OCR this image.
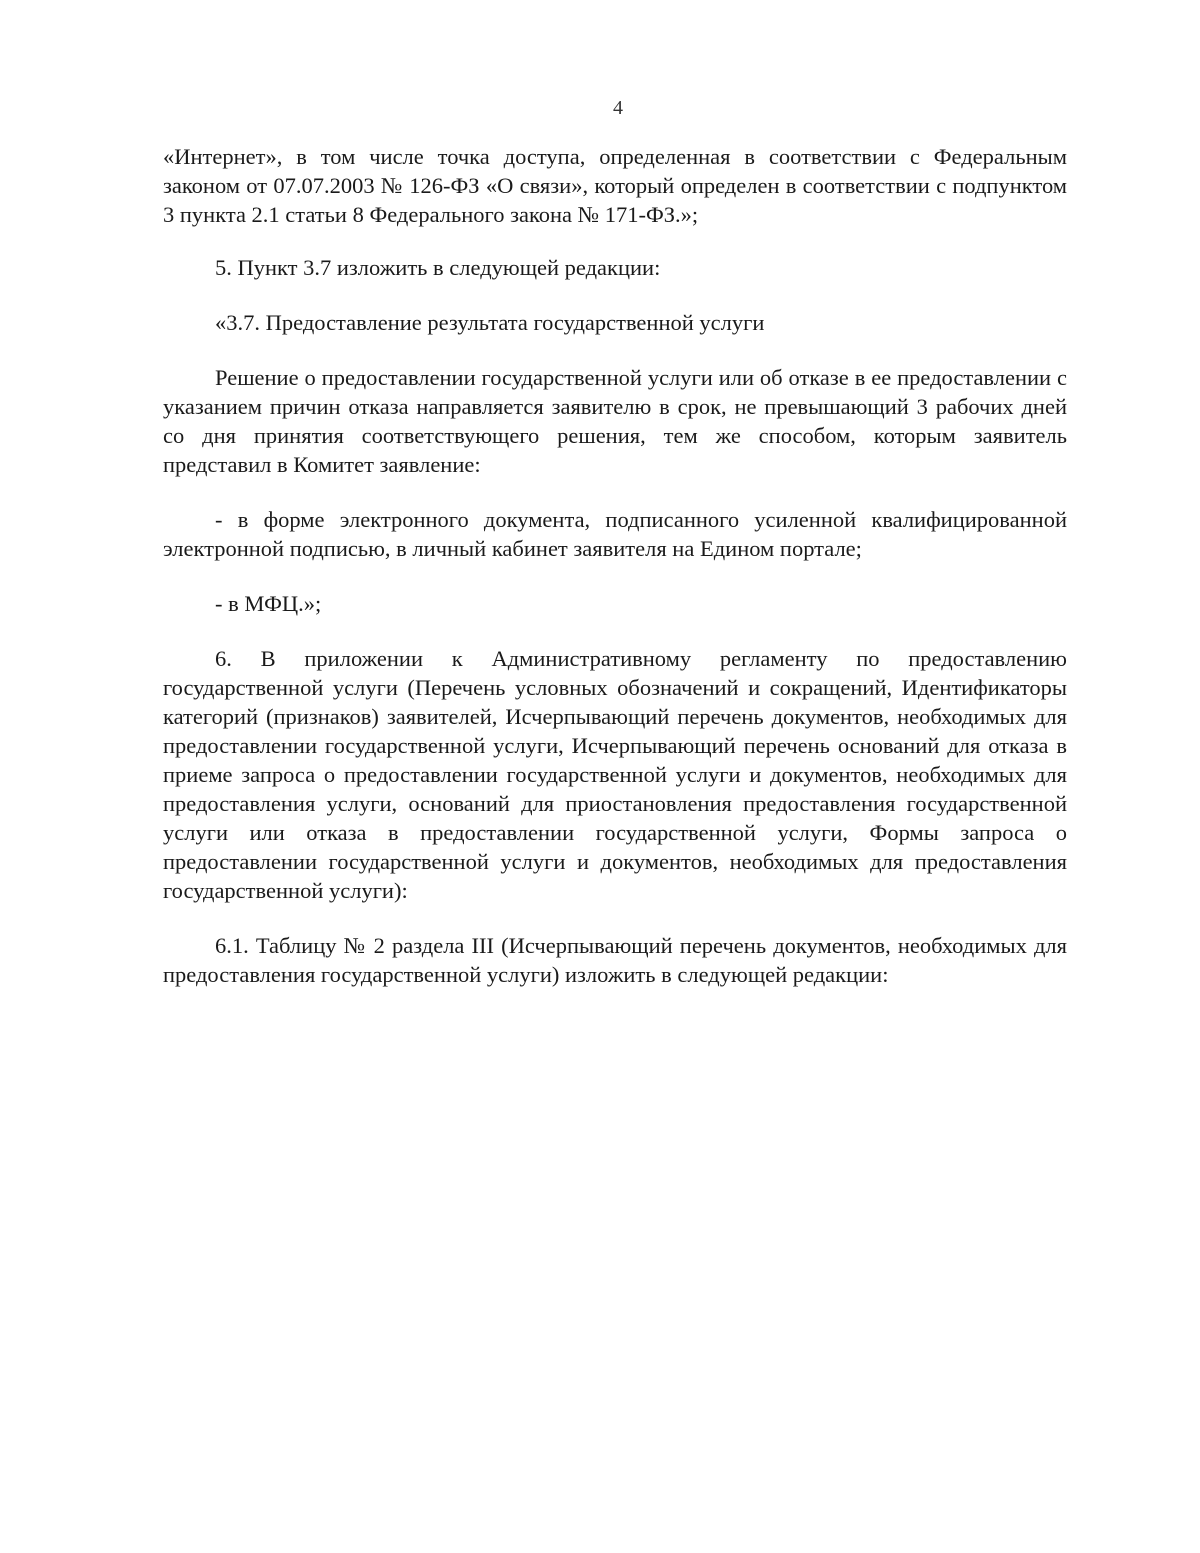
4

«Интернет», в том числе точка доступа, определенная в соответствии с Федеральным законом от 07.07.2003 № 126-ФЗ «О связи», который определен в соответствии с подпунктом 3 пункта 2.1 статьи 8 Федерального закона № 171-ФЗ.»;

5. Пункт 3.7 изложить в следующей редакции:

«3.7. Предоставление результата государственной услуги

Решение о предоставлении государственной услуги или об отказе в ее предоставлении с указанием причин отказа направляется заявителю в срок, не превышающий 3 рабочих дней со дня принятия соответствующего решения, тем же способом, которым заявитель представил в Комитет заявление:

- в форме электронного документа, подписанного усиленной квалифицированной электронной подписью, в личный кабинет заявителя на Едином портале;

- в МФЦ.»;

6. В приложении к Административному регламенту по предоставлению государственной услуги (Перечень условных обозначений и сокращений, Идентификаторы категорий (признаков) заявителей, Исчерпывающий перечень документов, необходимых для предоставлении государственной услуги, Исчерпывающий перечень оснований для отказа в приеме запроса о предоставлении государственной услуги и документов, необходимых для предоставления услуги, оснований для приостановления предоставления государственной услуги или отказа в предоставлении государственной услуги, Формы запроса о предоставлении государственной услуги и документов, необходимых для предоставления государственной услуги):

6.1. Таблицу № 2 раздела III (Исчерпывающий перечень документов, необходимых для предоставления государственной услуги) изложить в следующей редакции:
